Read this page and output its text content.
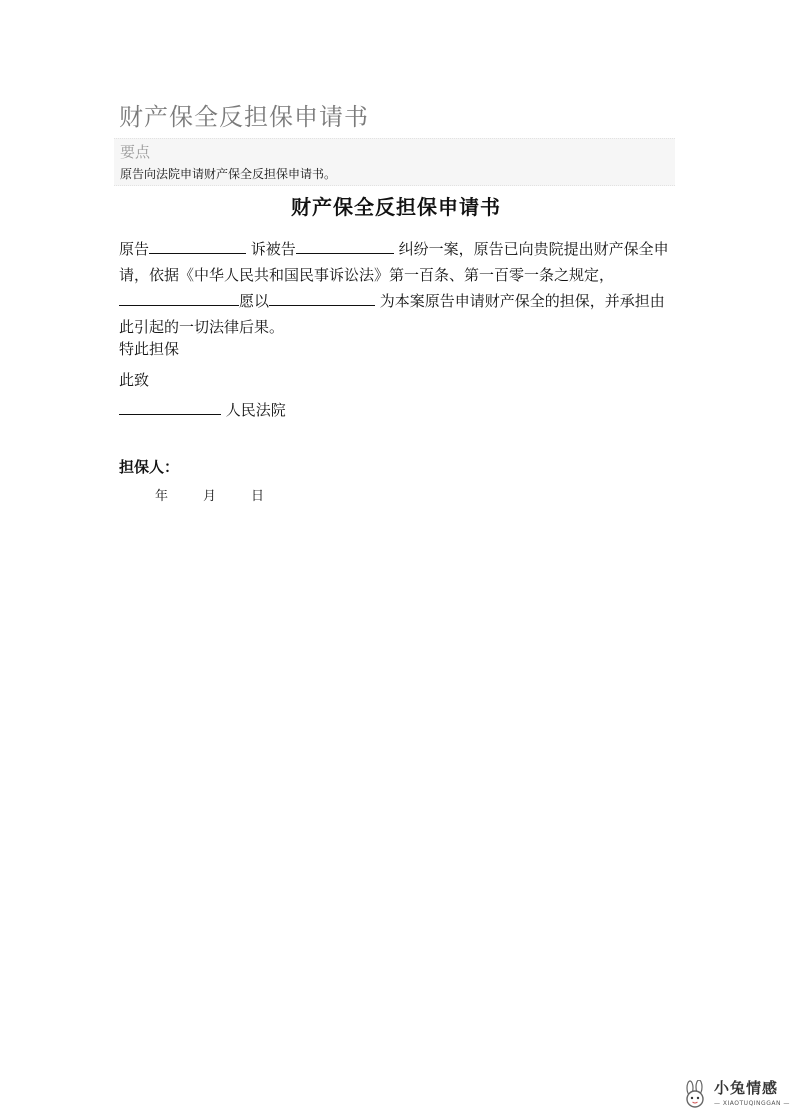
财产保全反担保申请书
要点
原告向法院申请财产保全反担保申请书。
财产保全反担保申请书
原告	诉被告	纠纷一案，原告已向贵院提出财产保全申请，依据《中华人民共和国民事诉讼法》第一百条、第一百零一条之规定，愿以	为本案原告申请财产保全的担保，并承担由此引起的一切法律后果。
特此担保
此致
人民法院
担保人：
年	月	日
小兔情感
— XIAOTUQINGGAN —
